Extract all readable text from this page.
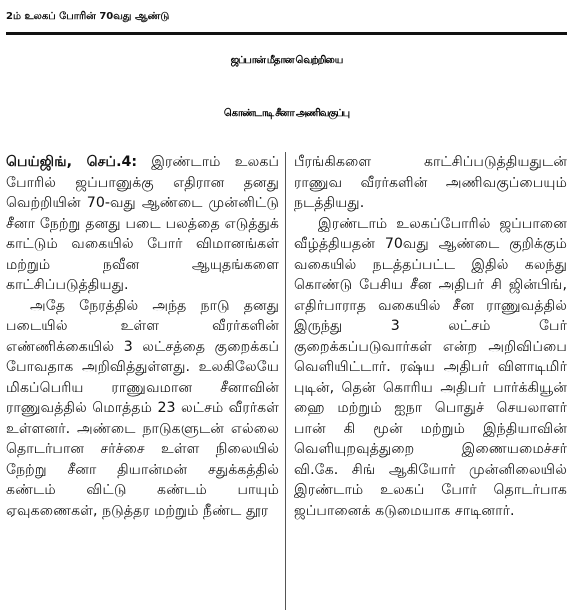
2ம் உலகப் போரின் 70வது ஆண்டு
ஜப்பான் மீதான வெற்றியை
கொண்டாடி சீனா அணிவகுப்பு

பெய்ஜிங், செப்.4: இரண்டாம் உலகப் போரில் ஜப்பானுக்கு எதிரான தனது வெற்றியின் 70-வது ஆண்டை முன்னிட்டு சீனா நேற்று தனது படை பலத்தை எடுத்துக் காட்டும் வகையில் போர் விமானங்கள் மற்றும் நவீன ஆயுதங்களை காட்சிப்படுத்தியது.

அதே நேரத்தில் அந்த நாடு தனது படையில் உள்ள வீரர்களின் எண்ணிக்கையில் 3 லட்சத்தை குறைக்கப் போவதாக அறிவித்துள்ளது. உலகிலேயே மிகப்பெரிய ராணுவமான சீனாவின் ராணுவத்தில் மொத்தம் 23 லட்சம் வீரர்கள் உள்ளனர். அண்டை நாடுகளுடன் எல்லை தொடர்பான சர்ச்சை உள்ள நிலையில் நேற்று சீனா தியான்மன் சதுக்கத்தில் கண்டம் விட்டு கண்டம் பாயும் ஏவுகணைகள், நடுத்தர மற்றும் நீண்ட தூர

பீரங்கிகளை காட்சிப்படுத்தியதுடன் ராணுவ வீரர்களின் அணிவகுப்பையும் நடத்தியது.

இரண்டாம் உலகப்போரில் ஜப்பானை வீழ்த்தியதன் 70வது ஆண்டை குறிக்கும் வகையில் நடத்தப்பட்ட இதில் கலந்து கொண்டு பேசிய சீன அதிபர் சி ஜின்பிங், எதிர்பாராத வகையில் சீன ராணுவத்தில் இருந்து 3 லட்சம் பேர் குறைக்கப்படுவார்கள் என்ற அறிவிப்பை வெளியிட்டார். ரஷ்ய அதிபர் விளாடிமிர் புடின், தென் கொரிய அதிபர் பார்க்கியூன் ஹை மற்றும் ஐநா பொதுச் செயலாளர் பான் கி மூன் மற்றும் இந்தியாவின் வெளியுறவுத்துறை இணையமைச்சர் வி.கே. சிங் ஆகியோர் முன்னிலையில் இரண்டாம் உலகப் போர் தொடர்பாக ஜப்பானைக் கடுமையாக சாடினார்.
